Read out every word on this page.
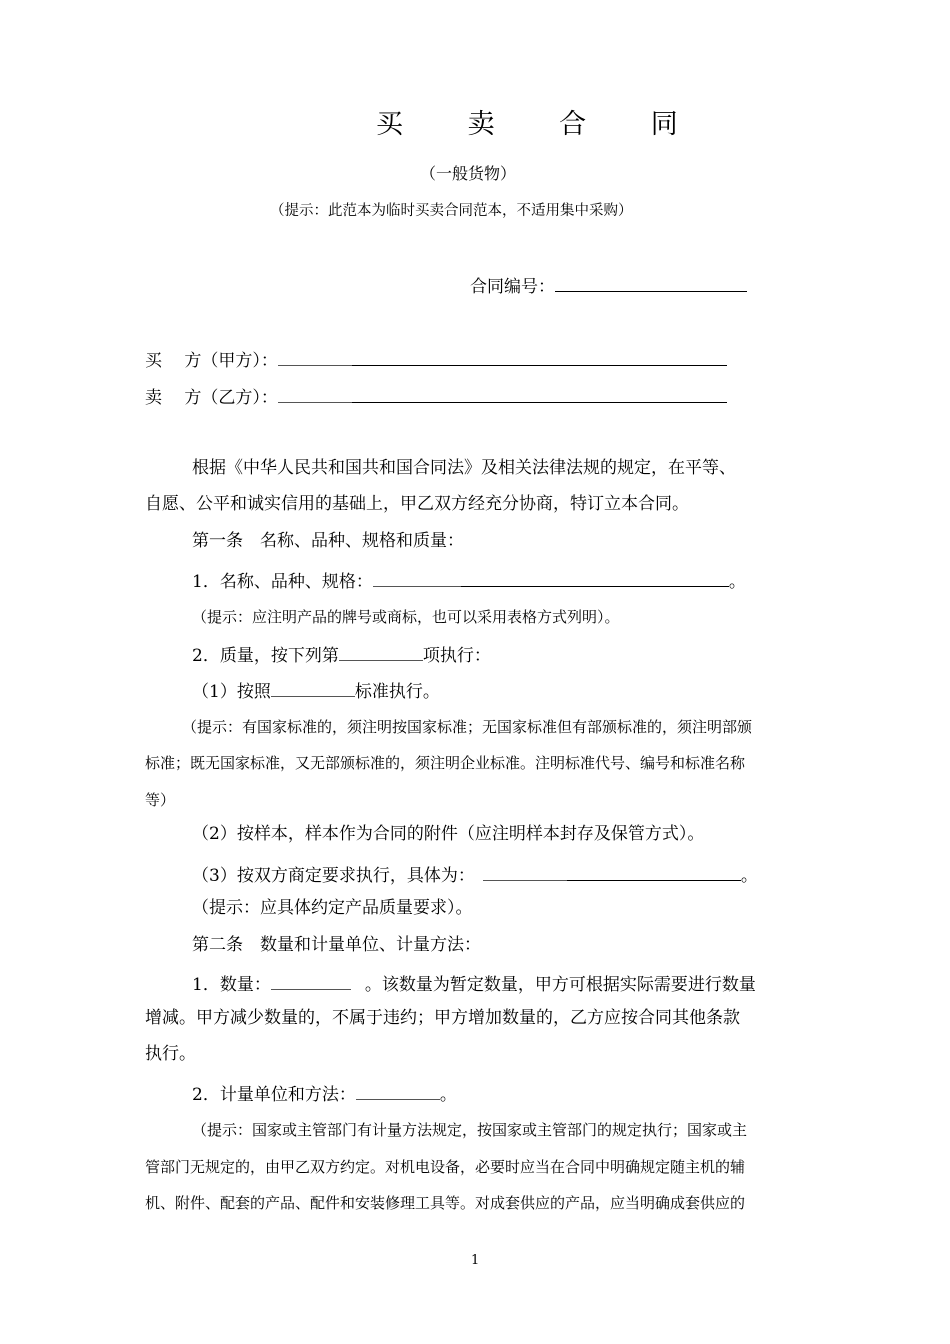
买 卖 合 同
（一般货物）
（提示：此范本为临时买卖合同范本，不适用集中采购）
合同编号：
买　 方（甲方）：
卖　 方（乙方）：
根据《中华人民共和国共和国合同法》及相关法律法规的规定，在平等、
自愿、公平和诚实信用的基础上，甲乙双方经充分协商，特订立本合同。
第一条　名称、品种、规格和质量：
1．名称、品种、规格：	。
（提示：应注明产品的牌号或商标，也可以采用表格方式列明）。
2．质量，按下列第	项执行：
（1）按照	标准执行。
（提示：有国家标准的，须注明按国家标准；无国家标准但有部颁标准的，须注明部颁
标准；既无国家标准，又无部颁标准的，须注明企业标准。注明标准代号、编号和标准名称
等）
（2）按样本，样本作为合同的附件（应注明样本封存及保管方式）。
（3）按双方商定要求执行，具体为：	。
（提示：应具体约定产品质量要求）。
第二条　数量和计量单位、计量方法：
1．数量：	。该数量为暂定数量，甲方可根据实际需要进行数量
增减。甲方减少数量的，不属于违约；甲方增加数量的，乙方应按合同其他条款
执行。
2．计量单位和方法：	。
（提示：国家或主管部门有计量方法规定，按国家或主管部门的规定执行；国家或主
管部门无规定的，由甲乙双方约定。对机电设备，必要时应当在合同中明确规定随主机的辅
机、附件、配套的产品、配件和安装修理工具等。对成套供应的产品，应当明确成套供应的
1
